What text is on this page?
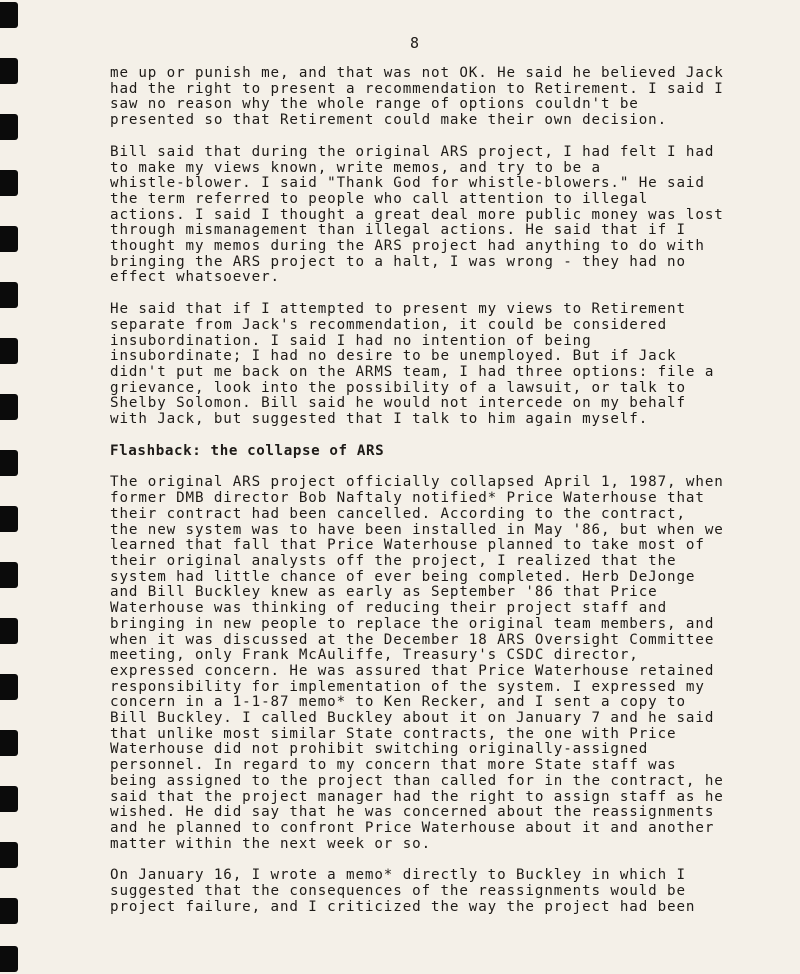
8

me up or punish me, and that was not OK. He said he believed Jack
had the right to present a recommendation to Retirement. I said I
saw no reason why the whole range of options couldn't be
presented so that Retirement could make their own decision.

Bill said that during the original ARS project, I had felt I had
to make my views known, write memos, and try to be a
whistle-blower. I said "Thank God for whistle-blowers." He said
the term referred to people who call attention to illegal
actions. I said I thought a great deal more public money was lost
through mismanagement than illegal actions. He said that if I
thought my memos during the ARS project had anything to do with
bringing the ARS project to a halt, I was wrong - they had no
effect whatsoever.

He said that if I attempted to present my views to Retirement
separate from Jack's recommendation, it could be considered
insubordination. I said I had no intention of being
insubordinate; I had no desire to be unemployed. But if Jack
didn't put me back on the ARMS team, I had three options: file a
grievance, look into the possibility of a lawsuit, or talk to
Shelby Solomon. Bill said he would not intercede on my behalf
with Jack, but suggested that I talk to him again myself.

Flashback: the collapse of ARS

The original ARS project officially collapsed April 1, 1987, when
former DMB director Bob Naftaly notified* Price Waterhouse that
their contract had been cancelled. According to the contract,
the new system was to have been installed in May '86, but when we
learned that fall that Price Waterhouse planned to take most of
their original analysts off the project, I realized that the
system had little chance of ever being completed. Herb DeJonge
and Bill Buckley knew as early as September '86 that Price
Waterhouse was thinking of reducing their project staff and
bringing in new people to replace the original team members, and
when it was discussed at the December 18 ARS Oversight Committee
meeting, only Frank McAuliffe, Treasury's CSDC director,
expressed concern. He was assured that Price Waterhouse retained
responsibility for implementation of the system. I expressed my
concern in a 1-1-87 memo* to Ken Recker, and I sent a copy to
Bill Buckley. I called Buckley about it on January 7 and he said
that unlike most similar State contracts, the one with Price
Waterhouse did not prohibit switching originally-assigned
personnel. In regard to my concern that more State staff was
being assigned to the project than called for in the contract, he
said that the project manager had the right to assign staff as he
wished. He did say that he was concerned about the reassignments
and he planned to confront Price Waterhouse about it and another
matter within the next week or so.

On January 16, I wrote a memo* directly to Buckley in which I
suggested that the consequences of the reassignments would be
project failure, and I criticized the way the project had been
